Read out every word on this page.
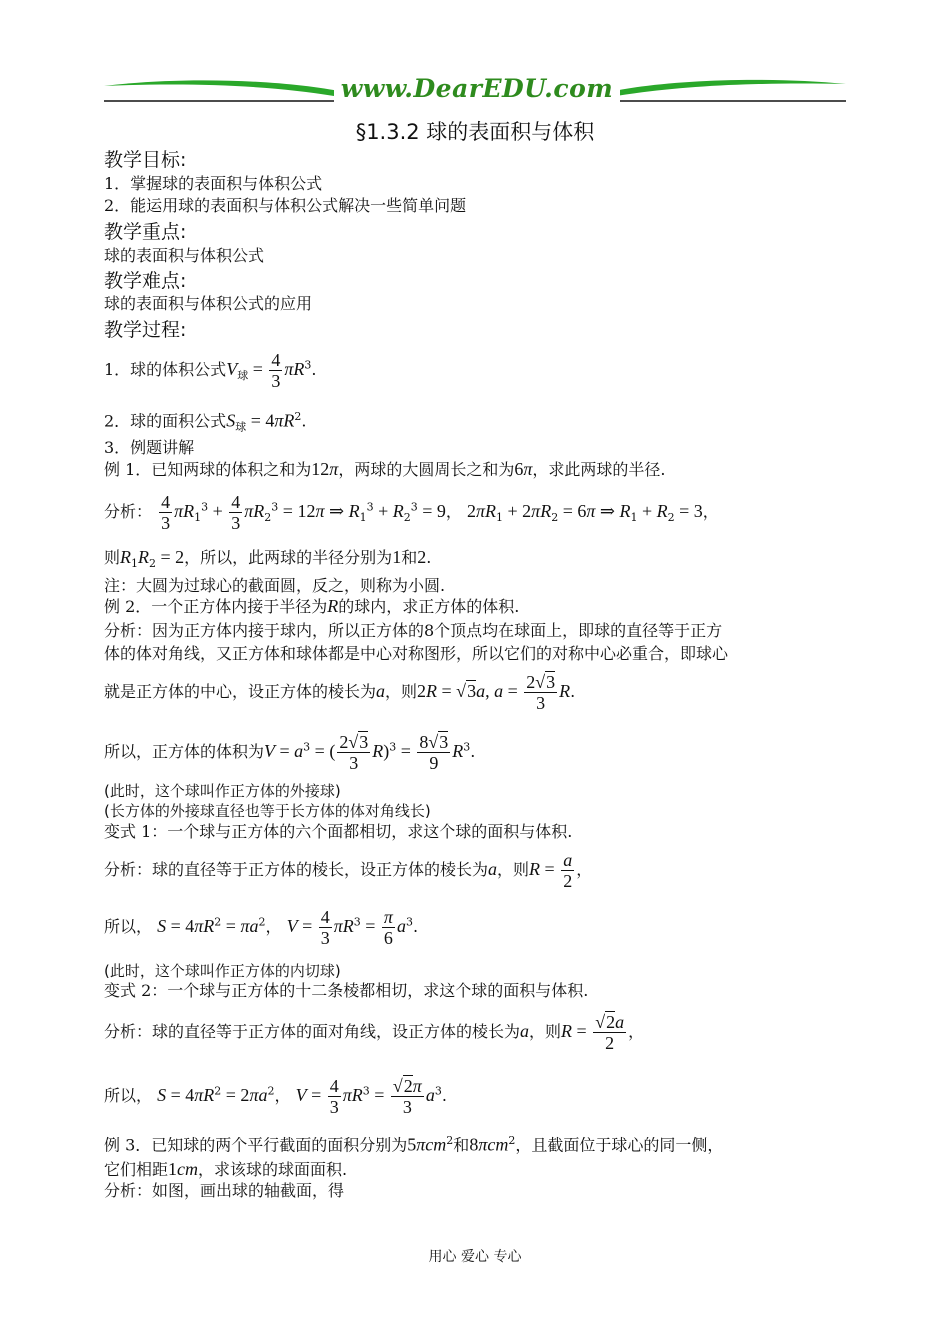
www.DearEDU.com
§1.3.2 球的表面积与体积
教学目标:
1．掌握球的表面积与体积公式
2．能运用球的表面积与体积公式解决一些简单问题
教学重点:
球的表面积与体积公式
教学难点:
球的表面积与体积公式的应用
教学过程:
1．球的体积公式$V_球 = \frac{4}{3} \pi R^3$.
2．球的面积公式$S_球 = 4\pi R^2$.
3．例题讲解
例 1．已知两球的体积之和为12π，两球的大圆周长之和为6π，求此两球的半径.
分析： $\frac{4}{3} \pi R_1^3 + \frac{4}{3} \pi R_2^3 = 12\pi$ ⇒ $R_1^3 + R_2^3 = 9$， $2\pi R_1 + 2\pi R_2 = 6\pi$ ⇒ $R_1 + R_2 = 3$，
则$R_1R_2 = 2$，所以，此两球的半径分别为1和2.
注：大圆为过球心的截面圆，反之，则称为小圆.
例 2．一个正方体内接于半径为R的球内，求正方体的体积.
分析：因为正方体内接于球内，所以正方体的8个顶点均在球面上，即球的直径等于正方
体的体对角线，又正方体和球体都是中心对称图形，所以它们的对称中心必重合，即球心
就是正方体的中心，设正方体的棱长为a，则2R = √3a, $a = \frac{2√3}{3} R$.
所以，正方体的体积为$V = a^3$ = ( $\frac{2√3}{3} R)^3 = \frac{8√3}{9} R^3$.
(此时，这个球叫作正方体的外接球)
(长方体的外接球直径也等于长方体的体对角线长)
变式 1：一个球与正方体的六个面都相切，求这个球的面积与体积.
分析：球的直径等于正方体的棱长，设正方体的棱长为a，则$R = \frac{a}{2}$ ，
所以， $S = 4\pi R^2 = \pi a^2$， $V = \frac{4}{3} \pi R^3 = \frac{\pi}{6} a^3$.
(此时，这个球叫作正方体的内切球)
变式 2：一个球与正方体的十二条棱都相切，求这个球的面积与体积.
分析：球的直径等于正方体的面对角线，设正方体的棱长为a，则$R = \frac{√2a}{2}$ ，
所以， $S = 4\pi R^2 = 2\pi a^2$， $V = \frac{4}{3} \pi R^3 = \frac{√2\pi}{3} a^3$.
例 3．已知球的两个平行截面的面积分别为5πcm$^2$和8πcm$^2$，且截面位于球心的同一侧，
它们相距1cm，求该球的球面面积.
分析：如图，画出球的轴截面，得
用心 爱心 专心
